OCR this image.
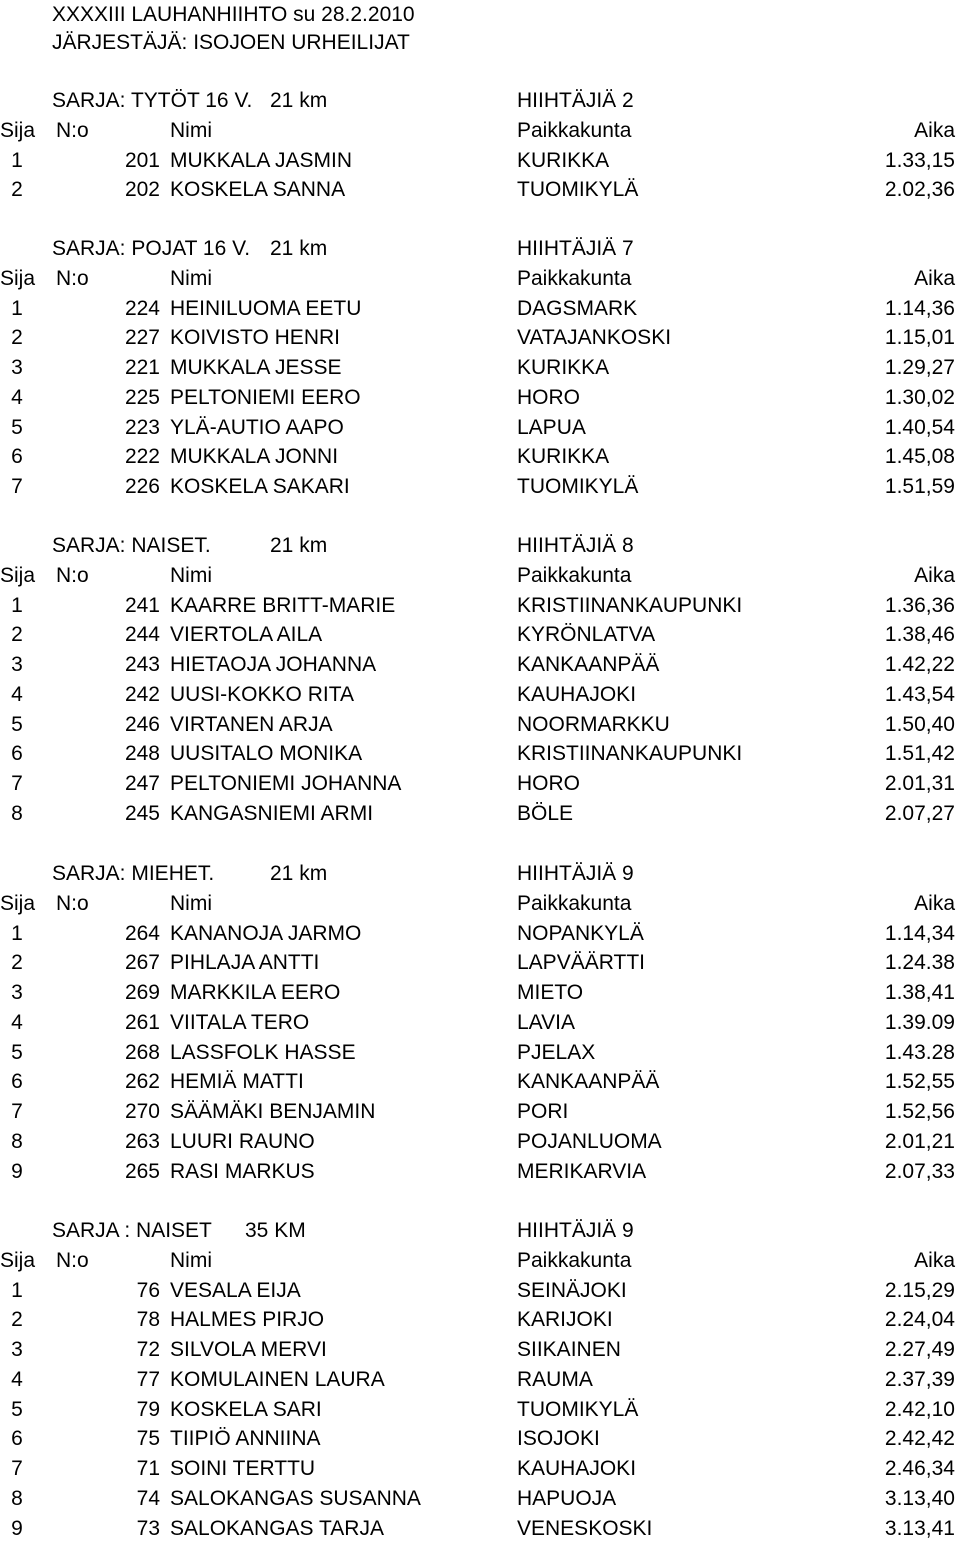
XXXXIII LAUHANHIIHTO su 28.2.2010
JÄRJESTÄJÄ: ISOJOEN URHEILIJAT
SARJA: TYTÖT 16 V. 21 km	HIIHTÄJIÄ 2
Sija N:o	Nimi	Paikkakunta	Aika
1	201 MUKKALA JASMIN	KURIKKA	1.33,15
2	202 KOSKELA SANNA	TUOMIKYLÄ	2.02,36
SARJA: POJAT 16 V. 21 km	HIIHTÄJIÄ 7
Sija N:o	Nimi	Paikkakunta	Aika
1	224 HEINILUOMA EETU	DAGSMARK	1.14,36
2	227 KOIVISTO HENRI	VATAJANKOSKI	1.15,01
3	221 MUKKALA JESSE	KURIKKA	1.29,27
4	225 PELTONIEMI EERO	HORO	1.30,02
5	223 YLÄ-AUTIO AAPO	LAPUA	1.40,54
6	222 MUKKALA JONNI	KURIKKA	1.45,08
7	226 KOSKELA SAKARI	TUOMIKYLÄ	1.51,59
SARJA: NAISET.	21 km	HIIHTÄJIÄ 8
Sija N:o	Nimi	Paikkakunta	Aika
1	241 KAARRE BRITT-MARIE	KRISTIINANKAUPUNKI	1.36,36
2	244 VIERTOLA AILA	KYRÖNLATVA	1.38,46
3	243 HIETAOJA JOHANNA	KANKAANPÄÄ	1.42,22
4	242 UUSI-KOKKO RITA	KAUHAJOKI	1.43,54
5	246 VIRTANEN ARJA	NOORMARKKU	1.50,40
6	248 UUSITALO MONIKA	KRISTIINANKAUPUNKI	1.51,42
7	247 PELTONIEMI JOHANNA	HORO	2.01,31
8	245 KANGASNIEMI ARMI	BÖLE	2.07,27
SARJA: MIEHET.	21 km	HIIHTÄJIÄ 9
Sija N:o	Nimi	Paikkakunta	Aika
1	264 KANANOJA JARMO	NOPANKYLÄ	1.14,34
2	267 PIHLAJA ANTTI	LAPVÄÄRTTI	1.24.38
3	269 MARKKILA EERO	MIETO	1.38,41
4	261 VIITALA TERO	LAVIA	1.39.09
5	268 LASSFOLK HASSE	PJELAX	1.43.28
6	262 HEMIÄ MATTI	KANKAANPÄÄ	1.52,55
7	270 SÄÄMÄKI BENJAMIN	PORI	1.52,56
8	263 LUURI RAUNO	POJANLUOMA	2.01,21
9	265 RASI MARKUS	MERIKARVIA	2.07,33
SARJA : NAISET 35 KM	HIIHTÄJIÄ 9
Sija N:o	Nimi	Paikkakunta	Aika
1	76 VESALA EIJA	SEINÄJOKI	2.15,29
2	78 HALMES PIRJO	KARIJOKI	2.24,04
3	72 SILVOLA MERVI	SIIKAINEN	2.27,49
4	77 KOMULAINEN LAURA	RAUMA	2.37,39
5	79 KOSKELA SARI	TUOMIKYLÄ	2.42,10
6	75 TIIPIÖ ANNIINA	ISOJOKI	2.42,42
7	71 SOINI TERTTU	KAUHAJOKI	2.46,34
8	74 SALOKANGAS SUSANNA	HAPUOJA	3.13,40
9	73 SALOKANGAS TARJA	VENESKOSKI	3.13,41
